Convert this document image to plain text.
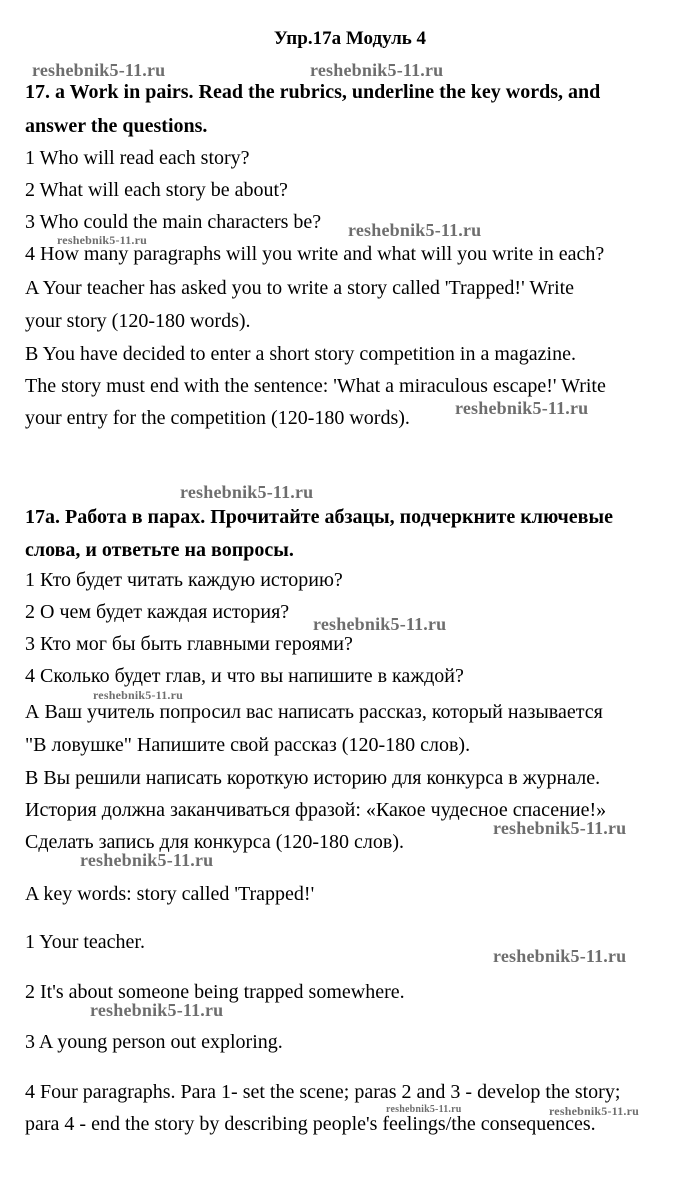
Упр.17а Модуль 4
17. a Work in pairs. Read the rubrics, underline the key words, and
answer the questions.
1 Who will read each story?
2 What will each story be about?
3 Who could the main characters be?
4 How many paragraphs will you write and what will you write in each?
A Your teacher has asked you to write a story called 'Trapped!' Write
your story (120-180 words).
B You have decided to enter a short story competition in a magazine.
The story must end with the sentence: 'What a miraculous escape!' Write
your entry for the competition (120-180 words).
17a. Работа в парах. Прочитайте абзацы, подчеркните ключевые
слова, и ответьте на вопросы.
1 Кто будет читать каждую историю?
2 О чем будет каждая история?
3 Кто мог бы быть главными героями?
4 Сколько будет глав, и что вы напишите в каждой?
А Ваш учитель попросил вас написать рассказ, который называется
"В ловушке" Напишите свой рассказ (120-180 слов).
В Вы решили написать короткую историю для конкурса в журнале.
История должна заканчиваться фразой: «Какое чудесное спасение!»
Сделать запись для конкурса (120-180 слов).
A key words: story called 'Trapped!'
1 Your teacher.
2 It's about someone being trapped somewhere.
3 A young person out exploring.
4 Four paragraphs. Para 1- set the scene; paras 2 and 3 - develop the story;
para 4 - end the story by describing people's feelings/the consequences.
reshebnik5-11.ru	reshebnik5-11.ru
reshebnik5-11.ru
reshebnik5-11.ru
reshebnik5-11.ru
reshebnik5-11.ru
reshebnik5-11.ru
reshebnik5-11.ru
reshebnik5-11.ru
reshebnik5-11.ru
reshebnik5-11.ru
reshebnik5-11.ru
reshebnik5-11.ru	reshebnik5-11.ru
